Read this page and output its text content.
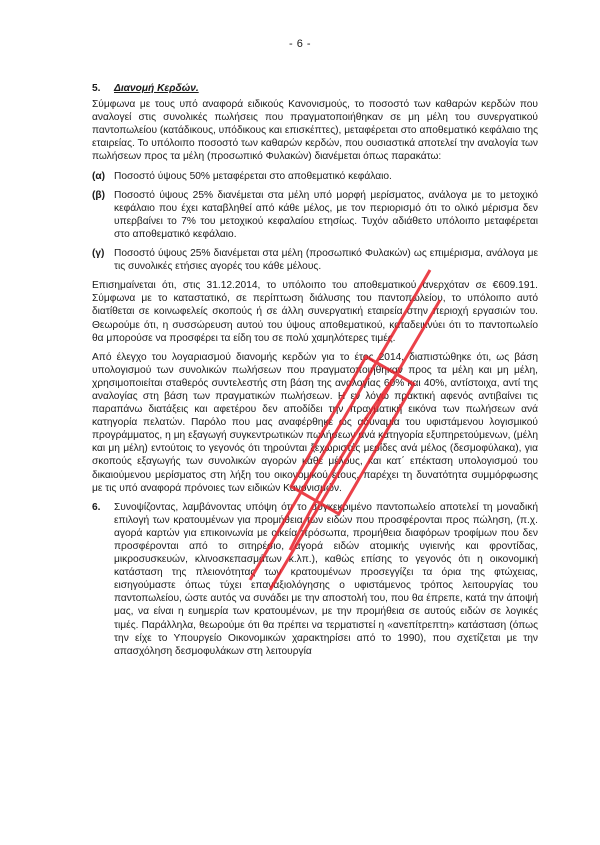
- 6 -
5. Διανομή Κερδών.

Σύμφωνα με τους υπό αναφορά ειδικούς Κανονισμούς, το ποσοστό των καθαρών κερδών που αναλογεί στις συνολικές πωλήσεις που πραγματοποιήθηκαν σε μη μέλη του συνεργατικού παντοπωλείου (κατάδικους, υπόδικους και επισκέπτες), μεταφέρεται στο αποθεματικό κεφάλαιο της εταιρείας. Το υπόλοιπο ποσοστό των καθαρών κερδών, που ουσιαστικά αποτελεί την αναλογία των πωλήσεων προς τα μέλη (προσωπικό Φυλακών) διανέμεται όπως παρακάτω:

(α) Ποσοστό ύψους 50% μεταφέρεται στο αποθεματικό κεφάλαιο.
(β) Ποσοστό ύψους 25% διανέμεται στα μέλη υπό μορφή μερίσματος, ανάλογα με το μετοχικό κεφάλαιο που έχει καταβληθεί από κάθε μέλος, με τον περιορισμό ότι το ολικό μέρισμα δεν υπερβαίνει το 7% του μετοχικού κεφαλαίου ετησίως. Τυχόν αδιάθετο υπόλοιπο μεταφέρεται στο αποθεματικό κεφάλαιο.
(γ) Ποσοστό ύψους 25% διανέμεται στα μέλη (προσωπικό Φυλακών) ως επιμέρισμα, ανάλογα με τις συνολικές ετήσιες αγορές του κάθε μέλους.

Επισημαίνεται ότι, στις 31.12.2014, το υπόλοιπο του αποθεματικού ανερχόταν σε €609.191. Σύμφωνα με το καταστατικό, σε περίπτωση διάλυσης του παντοπωλείου, το υπόλοιπο αυτό διατίθεται σε κοινωφελείς σκοπούς ή σε άλλη συνεργατική εταιρεία στην περιοχή εργασιών του. Θεωρούμε ότι, η συσσώρευση αυτού του ύψους αποθεματικού, καταδεικνύει ότι το παντοπωλείο θα μπορούσε να προσφέρει τα είδη του σε πολύ χαμηλότερες τιμές.

Από έλεγχο του λογαριασμού διανομής κερδών για το έτος 2014, διαπιστώθηκε ότι, ως βάση υπολογισμού των συνολικών πωλήσεων που πραγματοποιήθηκαν προς τα μέλη και μη μέλη, χρησιμοποιείται σταθερός συντελεστής στη βάση της αναλογίας 60% και 40%, αντίστοιχα, αντί της αναλογίας στη βάση των πραγματικών πωλήσεων. Η εν λόγω πρακτική αφενός αντιβαίνει τις παραπάνω διατάξεις και αφετέρου δεν αποδίδει την πραγματική εικόνα των πωλήσεων ανά κατηγορία πελατών. Παρόλο που μας αναφέρθηκε ως αδυναμία του υφιστάμενου λογισμικού προγράμματος, η μη εξαγωγή συγκεντρωτικών πωλήσεων ανά κατηγορία εξυπηρετούμενων, (μέλη και μη μέλη) εντούτοις το γεγονός ότι τηρούνται ξεχωριστές μερίδες ανά μέλος (δεσμοφύλακα), για σκοπούς εξαγωγής των συνολικών αγορών κάθε μέλους, και κατ΄ επέκταση υπολογισμού του δικαιούμενου μερίσματος στη λήξη του οικονομικού έτους, παρέχει τη δυνατότητα συμμόρφωσης με τις υπό αναφορά πρόνοιες των ειδικών Κανονισμών.

6.	Συνοψίζοντας, λαμβάνοντας υπόψη ότι το συγκεκριμένο παντοπωλείο αποτελεί τη μοναδική επιλογή των κρατουμένων για προμήθεια των ειδών που προσφέρονται προς πώληση, (π.χ. αγορά καρτών για επικοινωνία με οικεία πρόσωπα, προμήθεια διαφόρων τροφίμων που δεν προσφέρονται από το σιτηρέσιο, αγορά ειδών ατομικής υγιεινής και φροντίδας, μικροσυσκευών, κλινοσκεπασμάτων κ.λπ.), καθώς επίσης το γεγονός ότι η οικονομική κατάσταση της πλειονότητας των κρατουμένων προσεγγίζει τα όρια της φτώχειας, εισηγούμαστε όπως τύχει επαναξιολόγησης ο υφιστάμενος τρόπος λειτουργίας του παντοπωλείου, ώστε αυτός να συνάδει με την αποστολή του, που θα έπρεπε, κατά την άποψή μας, να είναι η ευημερία των κρατουμένων, με την προμήθεια σε αυτούς ειδών σε λογικές τιμές. Παράλληλα, θεωρούμε ότι θα πρέπει να τερματιστεί η «ανεπίτρεπτη» κατάσταση (όπως την είχε το Υπουργείο Οικονομικών χαρακτηρίσει από το 1990), που σχετίζεται με την απασχόληση δεσμοφυλάκων στη λειτουργία
